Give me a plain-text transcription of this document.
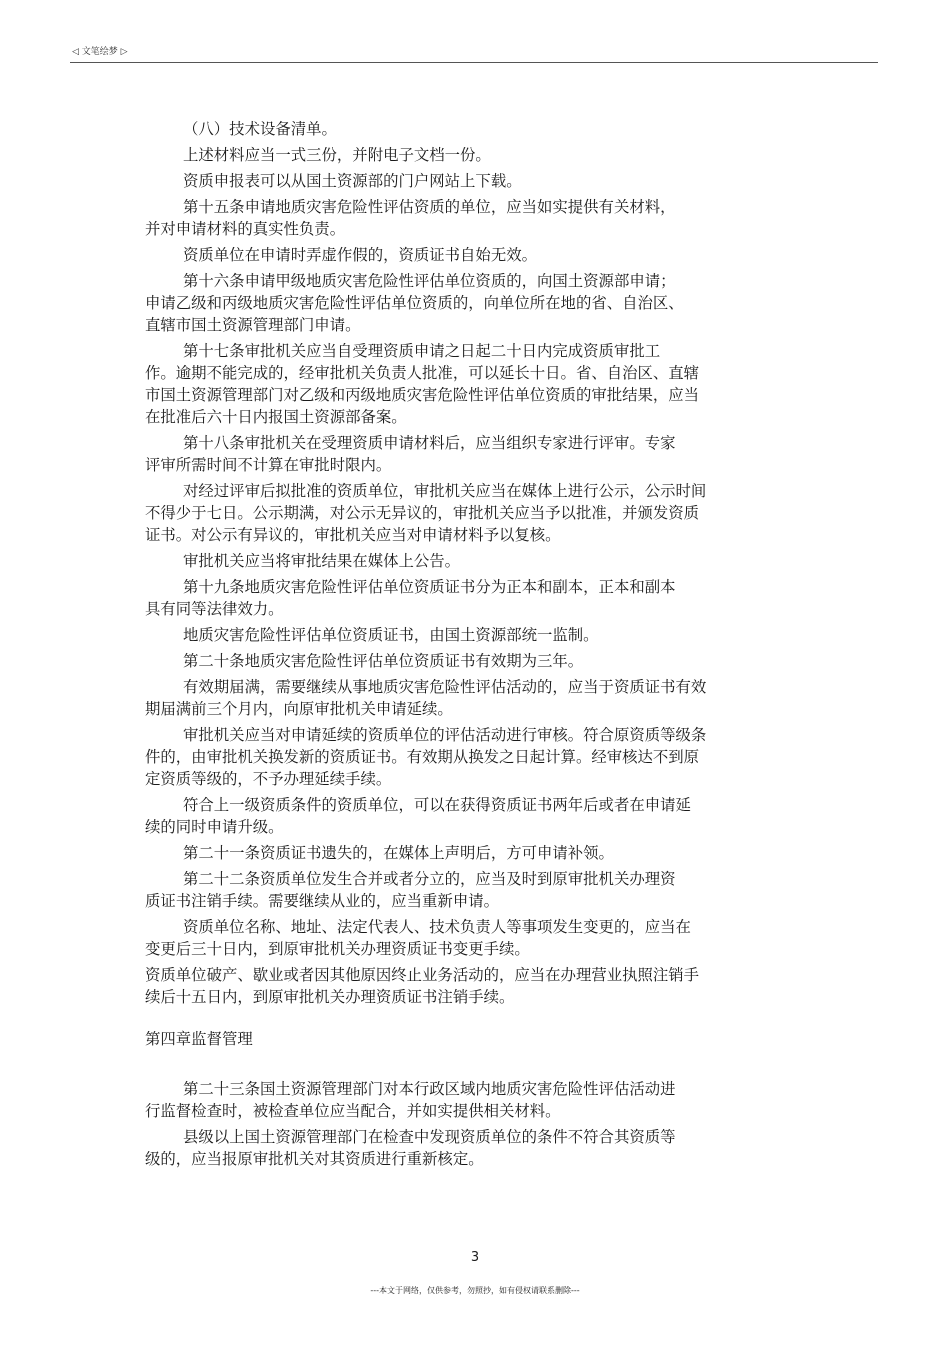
◁ 文笔绘梦 ▷
（八）技术设备清单。
上述材料应当一式三份，并附电子文档一份。
资质申报表可以从国土资源部的门户网站上下载。
第十五条申请地质灾害危险性评估资质的单位，应当如实提供有关材料，
并对申请材料的真实性负责。
资质单位在申请时弄虚作假的，资质证书自始无效。
第十六条申请甲级地质灾害危险性评估单位资质的，向国土资源部申请；
申请乙级和丙级地质灾害危险性评估单位资质的，向单位所在地的省、自治区、
直辖市国土资源管理部门申请。
第十七条审批机关应当自受理资质申请之日起二十日内完成资质审批工
作。逾期不能完成的，经审批机关负责人批准，可以延长十日。省、自治区、直辖
市国土资源管理部门对乙级和丙级地质灾害危险性评估单位资质的审批结果，应当
在批准后六十日内报国土资源部备案。
第十八条审批机关在受理资质申请材料后，应当组织专家进行评审。专家
评审所需时间不计算在审批时限内。
对经过评审后拟批准的资质单位，审批机关应当在媒体上进行公示，公示时间
不得少于七日。公示期满，对公示无异议的，审批机关应当予以批准，并颁发资质
证书。对公示有异议的，审批机关应当对申请材料予以复核。
审批机关应当将审批结果在媒体上公告。
第十九条地质灾害危险性评估单位资质证书分为正本和副本，正本和副本
具有同等法律效力。
地质灾害危险性评估单位资质证书，由国土资源部统一监制。
第二十条地质灾害危险性评估单位资质证书有效期为三年。
有效期届满，需要继续从事地质灾害危险性评估活动的，应当于资质证书有效
期届满前三个月内，向原审批机关申请延续。
审批机关应当对申请延续的资质单位的评估活动进行审核。符合原资质等级条
件的，由审批机关换发新的资质证书。有效期从换发之日起计算。经审核达不到原
定资质等级的，不予办理延续手续。
符合上一级资质条件的资质单位，可以在获得资质证书两年后或者在申请延
续的同时申请升级。
第二十一条资质证书遗失的，在媒体上声明后，方可申请补领。
第二十二条资质单位发生合并或者分立的，应当及时到原审批机关办理资
质证书注销手续。需要继续从业的，应当重新申请。
资质单位名称、地址、法定代表人、技术负责人等事项发生变更的，应当在
变更后三十日内，到原审批机关办理资质证书变更手续。
资质单位破产、歇业或者因其他原因终止业务活动的，应当在办理营业执照注销手
续后十五日内，到原审批机关办理资质证书注销手续。
第四章监督管理
第二十三条国土资源管理部门对本行政区域内地质灾害危险性评估活动进
行监督检查时，被检查单位应当配合，并如实提供相关材料。
县级以上国土资源管理部门在检查中发现资质单位的条件不符合其资质等
级的，应当报原审批机关对其资质进行重新核定。
3
---本文于网络，仅供参考，勿照抄，如有侵权请联系删除---
